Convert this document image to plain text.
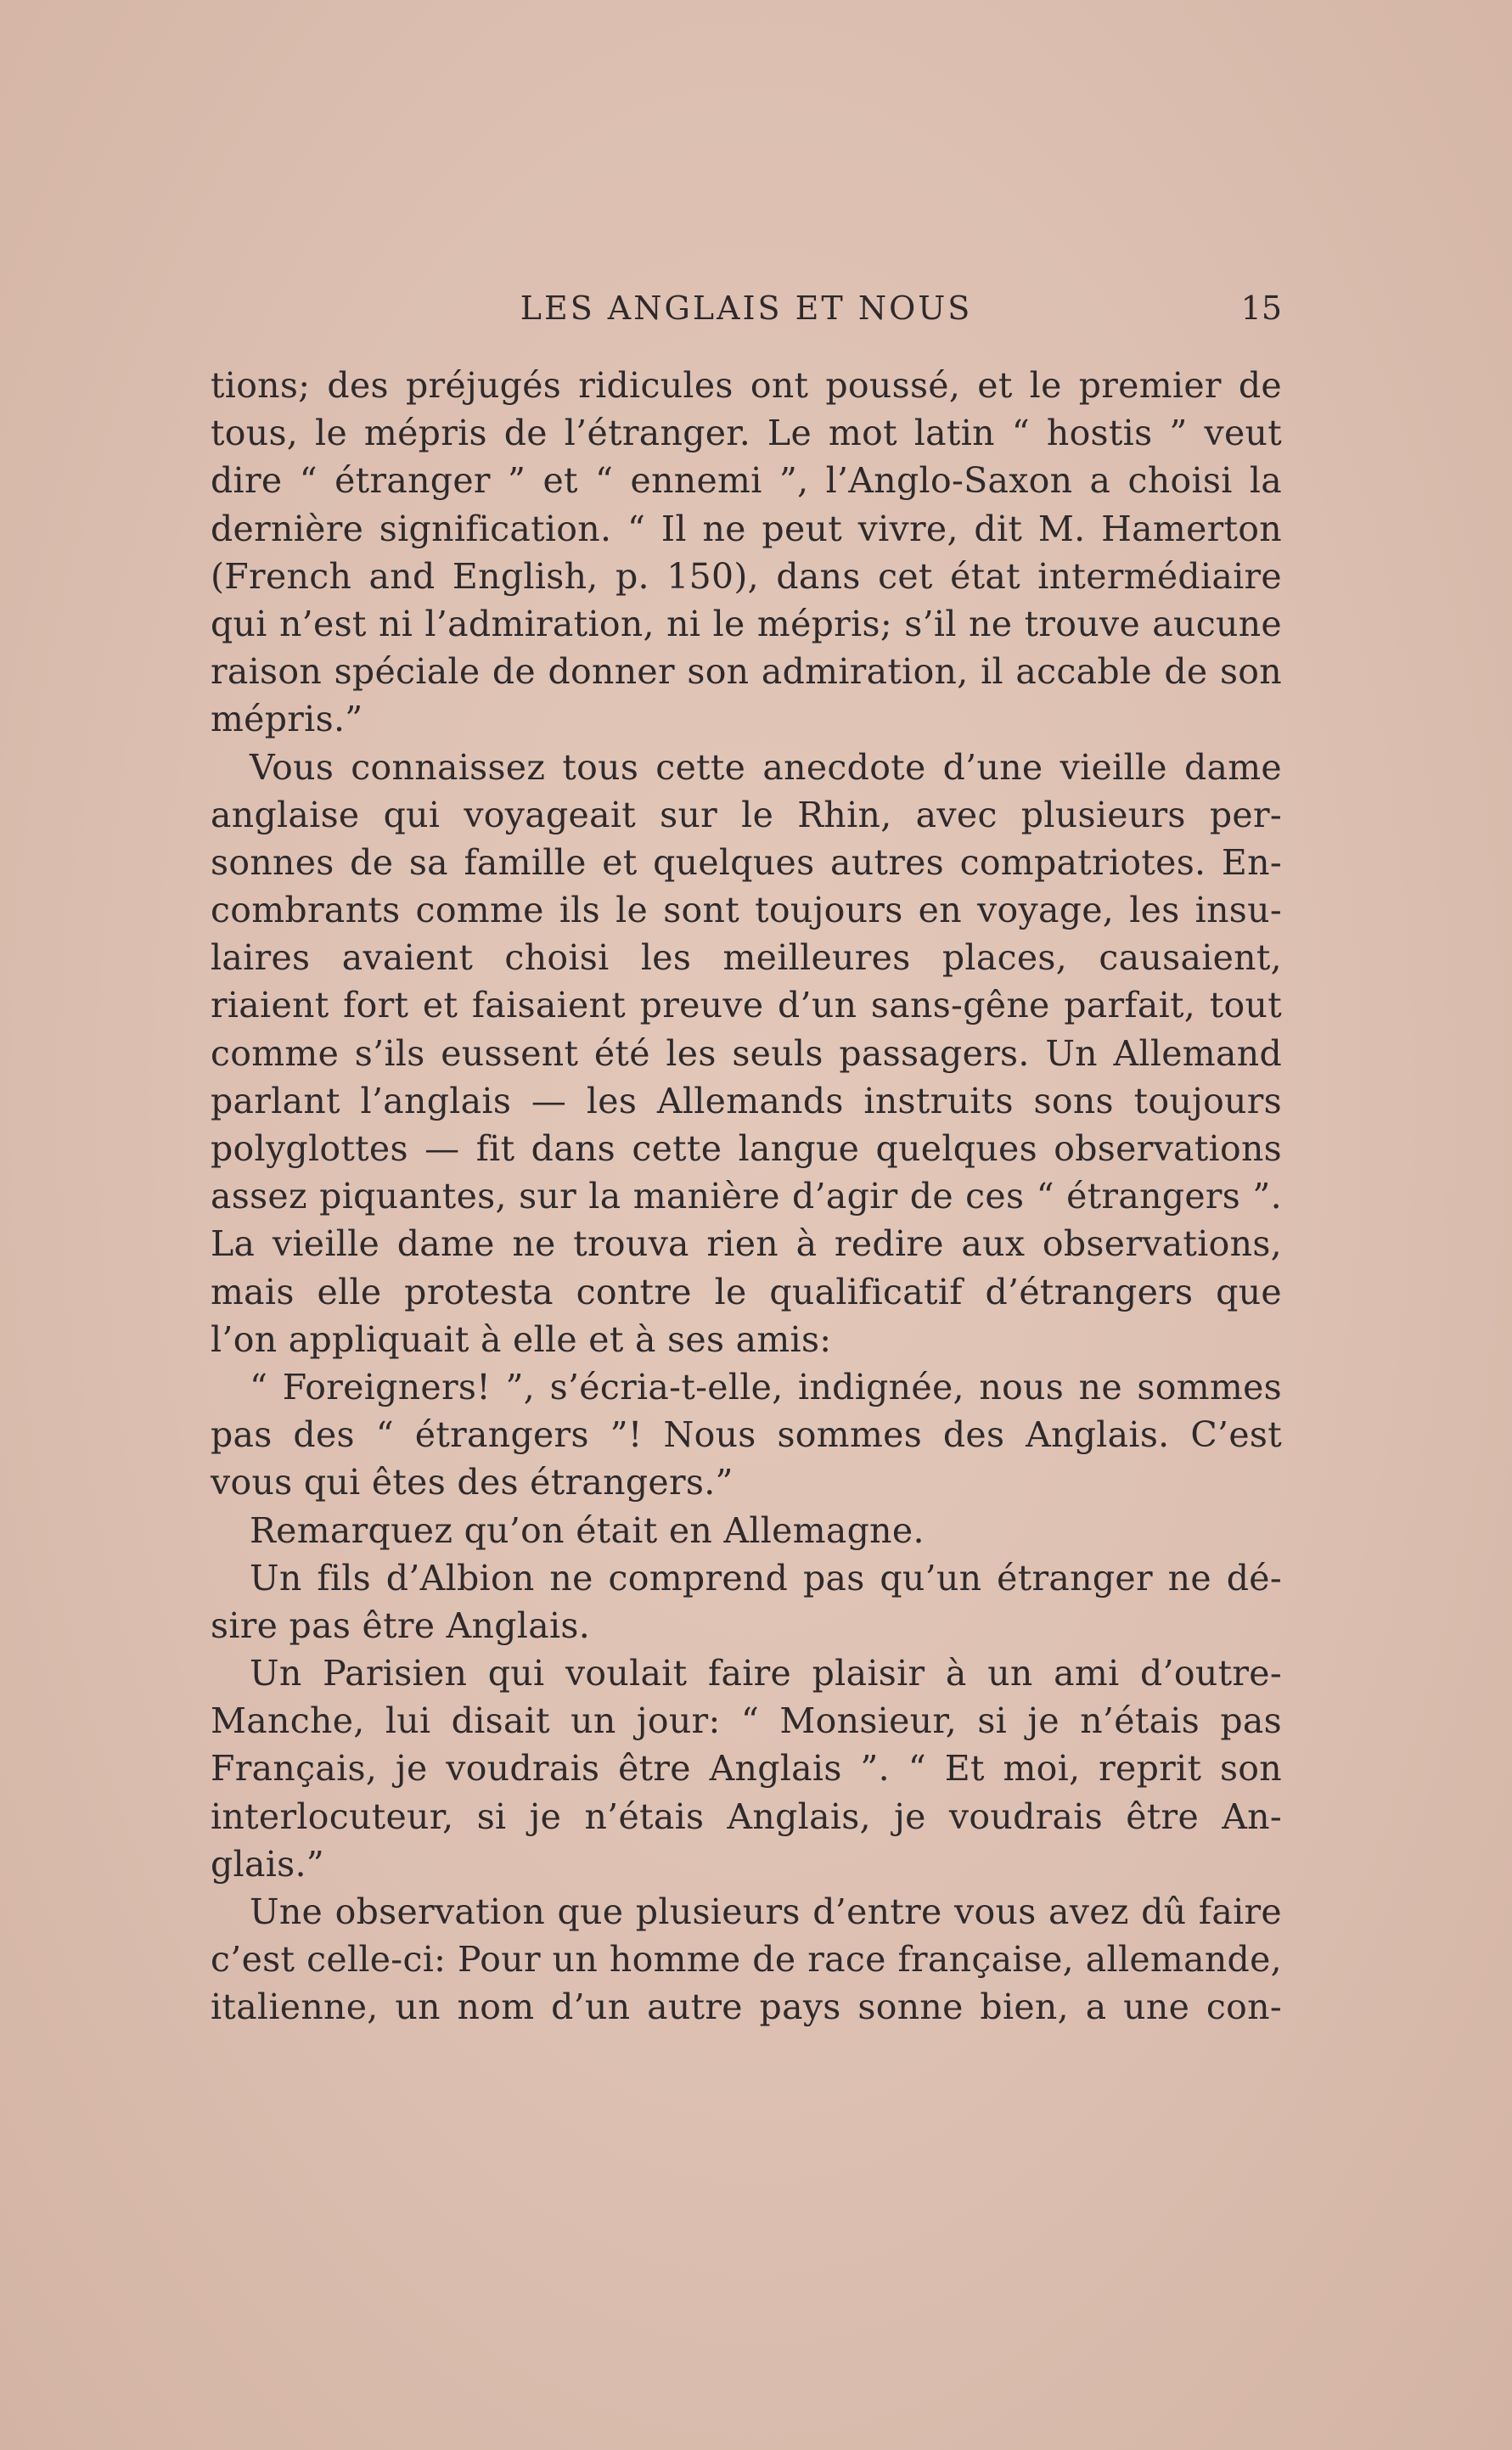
LES ANGLAIS ET NOUS	15
tions; des préjugés ridicules ont poussé, et le premier de
tous, le mépris de l’étranger. Le mot latin “ hostis ” veut
dire “ étranger ” et “ ennemi ”, l’Anglo-Saxon a choisi la
dernière signification. “ Il ne peut vivre, dit M. Hamerton
(French and English, p. 150), dans cet état intermédiaire
qui n’est ni l’admiration, ni le mépris; s’il ne trouve aucune
raison spéciale de donner son admiration, il accable de son
mépris.”
Vous connaissez tous cette anecdote d’une vieille dame
anglaise qui voyageait sur le Rhin, avec plusieurs per-
sonnes de sa famille et quelques autres compatriotes. En-
combrants comme ils le sont toujours en voyage, les insu-
laires avaient choisi les meilleures places, causaient,
riaient fort et faisaient preuve d’un sans-gêne parfait, tout
comme s’ils eussent été les seuls passagers. Un Allemand
parlant l’anglais — les Allemands instruits sons toujours
polyglottes — fit dans cette langue quelques observations
assez piquantes, sur la manière d’agir de ces “ étrangers ”.
La vieille dame ne trouva rien à redire aux observations,
mais elle protesta contre le qualificatif d’étrangers que
l’on appliquait à elle et à ses amis:
“ Foreigners! ”, s’écria-t-elle, indignée, nous ne sommes
pas des “ étrangers ”! Nous sommes des Anglais. C’est
vous qui êtes des étrangers.”
Remarquez qu’on était en Allemagne.
Un fils d’Albion ne comprend pas qu’un étranger ne dé-
sire pas être Anglais.
Un Parisien qui voulait faire plaisir à un ami d’outre-
Manche, lui disait un jour: “ Monsieur, si je n’étais pas
Français, je voudrais être Anglais ”. “ Et moi, reprit son
interlocuteur, si je n’étais Anglais, je voudrais être An-
glais.”
Une observation que plusieurs d’entre vous avez dû faire
c’est celle-ci: Pour un homme de race française, allemande,
italienne, un nom d’un autre pays sonne bien, a une con-
